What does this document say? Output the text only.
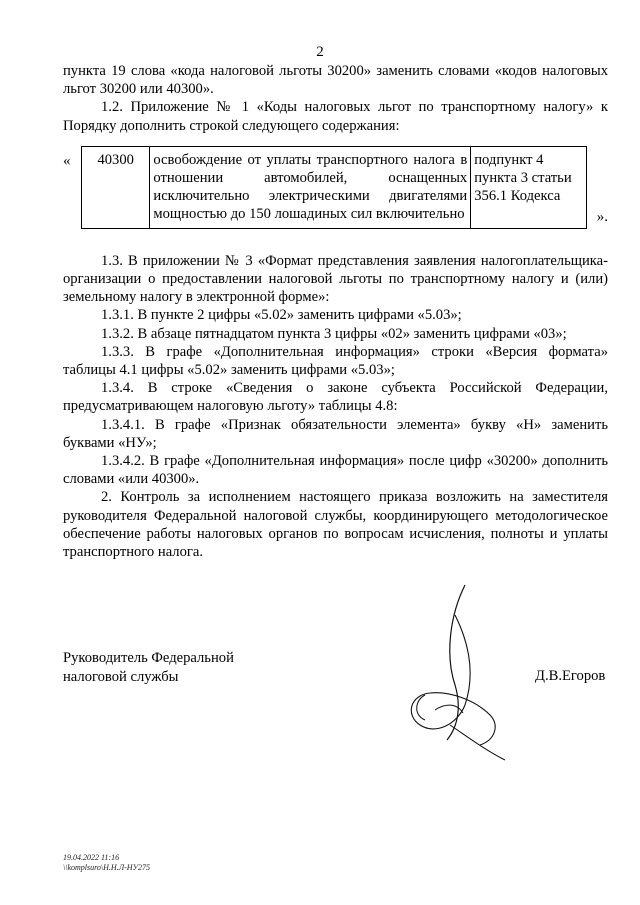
2

пункта 19 слова «кода налоговой льготы 30200» заменить словами «кодов налоговых льгот 30200 или 40300».

1.2. Приложение № 1 «Коды налоговых льгот по транспортному налогу» к Порядку дополнить строкой следующего содержания:

« 40300	освобождение от уплаты транспортного налога в отношении автомобилей, оснащенных исключительно электрическими двигателями мощностью до 150 лошадиных сил включительно	подпункт 4 пункта 3 статьи 356.1 Кодекса
».

1.3. В приложении № 3 «Формат представления заявления налогоплательщика-организации о предоставлении налоговой льготы по транспортному налогу и (или) земельному налогу в электронной форме»:

1.3.1. В пункте 2 цифры «5.02» заменить цифрами «5.03»;

1.3.2. В абзаце пятнадцатом пункта 3 цифры «02» заменить цифрами «03»;

1.3.3. В графе «Дополнительная информация» строки «Версия формата» таблицы 4.1 цифры «5.02» заменить цифрами «5.03»;

1.3.4. В строке «Сведения о законе субъекта Российской Федерации, предусматривающем налоговую льготу» таблицы 4.8:

1.3.4.1. В графе «Признак обязательности элемента» букву «Н» заменить буквами «НУ»;

1.3.4.2. В графе «Дополнительная информация» после цифр «30200» дополнить словами «или 40300».

2. Контроль за исполнением настоящего приказа возложить на заместителя руководителя Федеральной налоговой службы, координирующего методологическое обеспечение работы налоговых органов по вопросам исчисления, полноты и уплаты транспортного налога.

Руководитель Федеральной
налоговой службы	Д.В.Егоров
19.04.2022 11:16
\\komplsuro\Н.Н.Л-НУ275
